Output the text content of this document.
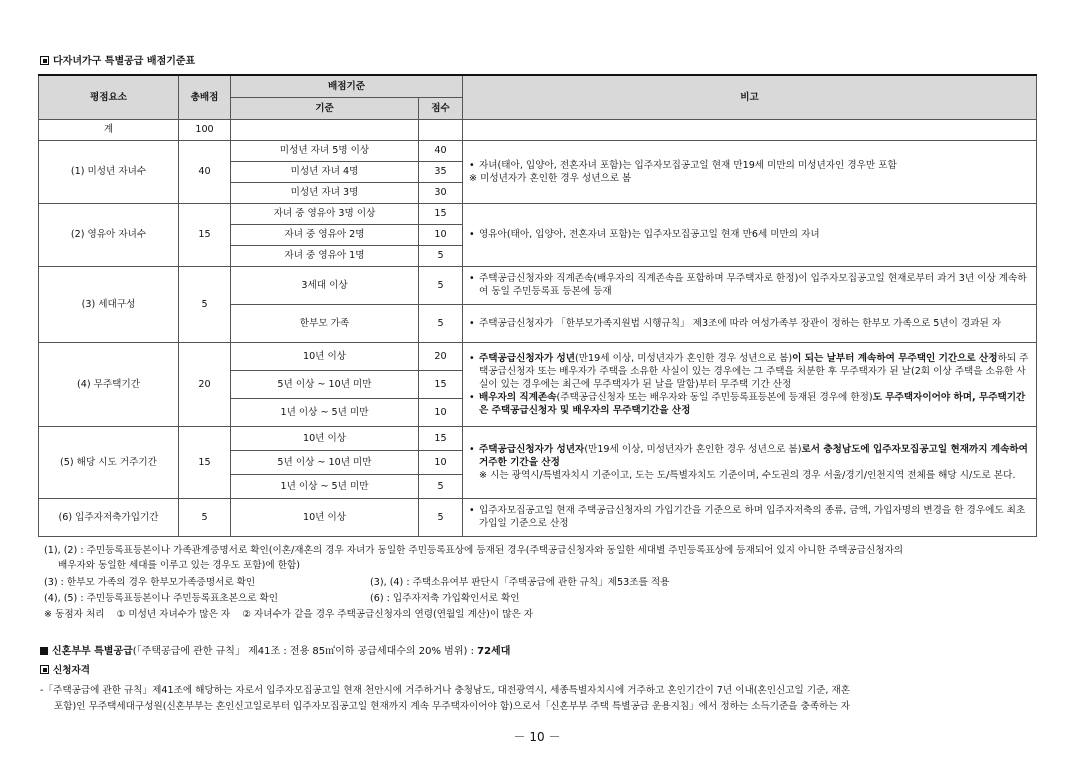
다자녀가구 특별공급 배점기준표
평점요소	총배점	배점기준		비고
		기준	점수	
계	100			
(1) 미성년 자녀수	40	미성년 자녀 5명 이상	40	• 자녀(태아, 입양아, 전혼자녀 포함)는 입주자모집공고일 현재 만19세 미만의 미성년자인 경우만 포함
※ 미성년자가 혼인한 경우 성년으로 봄

		미성년 자녀 4명	35	
		미성년 자녀 3명	30	
(2) 영유아 자녀수	15	자녀 중 영유아 3명 이상	15	• 영유아(태아, 입양아, 전혼자녀 포함)는 입주자모집공고일 현재 만6세 미만의 자녀

		자녀 중 영유아 2명	10	
		자녀 중 영유아 1명	5	
(3) 세대구성	5	3세대 이상	5	• 주택공급신청자와 직계존속(배우자의 직계존속을 포함하며 무주택자로 한정)이 입주자모집공고일 현재로부터 과거 3년 이상 계속하여 동일 주민등록표 등본에 등재

		한부모 가족	5	• 주택공급신청자가 「한부모가족지원법 시행규칙」 제3조에 따라 여성가족부 장관이 정하는 한부모 가족으로 5년이 경과된 자

(4) 무주택기간	20	10년 이상	20	• 주택공급신청자가 성년(만19세 이상, 미성년자가 혼인한 경우 성년으로 봄)이 되는 날부터 계속하여 무주택인 기간으로 산정하되 주택공급신청자 또는 배우자가 주택을 소유한 사실이 있는 경우에는 그 주택을 처분한 후 무주택자가 된 날(2회 이상 주택을 소유한 사실이 있는 경우에는 최근에 무주택자가 된 날을 말함)부터 무주택 기간 산정
• 배우자의 직계존속(주택공급신청자 또는 배우자와 동일 주민등록표등본에 등재된 경우에 한정)도 무주택자이어야 하며, 무주택기간은 주택공급신청자 및 배우자의 무주택기간을 산정

		5년 이상 ~ 10년 미만	15	
		1년 이상 ~ 5년 미만	10	
(5) 해당 시도 거주기간	15	10년 이상	15	• 주택공급신청자가 성년자(만19세 이상, 미성년자가 혼인한 경우 성년으로 봄)로서 충청남도에 입주자모집공고일 현재까지 계속하여 거주한 기간을 산정
※ 시는 광역시/특별자치시 기준이고, 도는 도/특별자치도 기준이며, 수도권의 경우 서울/경기/인천지역 전체를 해당 시/도로 본다.

		5년 이상 ~ 10년 미만	10	
		1년 이상 ~ 5년 미만	5	
(6) 입주자저축가입기간	5	10년 이상	5	• 입주자모집공고일 현재 주택공급신청자의 가입기간을 기준으로 하며 입주자저축의 종류, 금액, 가입자명의 변경을 한 경우에도 최초 가입일 기준으로 산정
(1), (2) : 주민등록표등본이나 가족관계증명서로 확인(이혼/재혼의 경우 자녀가 동일한 주민등록표상에 등재된 경우(주택공급신청자와 동일한 세대별 주민등록표상에 등재되어 있지 아니한 주택공급신청자의
배우자와 동일한 세대를 이루고 있는 경우도 포함)에 한함)
(3) : 한부모 가족의 경우 한부모가족증명서로 확인	(3), (4) : 주택소유여부 판단시「주택공급에 관한 규칙」제53조를 적용
(4), (5) : 주민등록표등본이나 주민등록표초본으로 확인	(6) : 입주자저축 가입확인서로 확인
※ 동점자 처리    ① 미성년 자녀수가 많은 자    ② 자녀수가 같을 경우 주택공급신청자의 연령(연월일 계산)이 많은 자
신혼부부 특별공급(「주택공급에 관한 규칙」 제41조 : 전용 85㎡이하 공급세대수의 20% 범위) : 72세대
신청자격
-「주택공급에 관한 규칙」제41조에 해당하는 자로서 입주자모집공고일 현재 천안시에 거주하거나 충청남도, 대전광역시, 세종특별자치시에 거주하고 혼인기간이 7년 이내(혼인신고일 기준, 재혼
포함)인 무주택세대구성원(신혼부부는 혼인신고일로부터 입주자모집공고일 현재까지 계속 무주택자이어야 함)으로서「신혼부부 주택 특별공급 운용지침」에서 정하는 소득기준을 충족하는 자
－ 10 －
